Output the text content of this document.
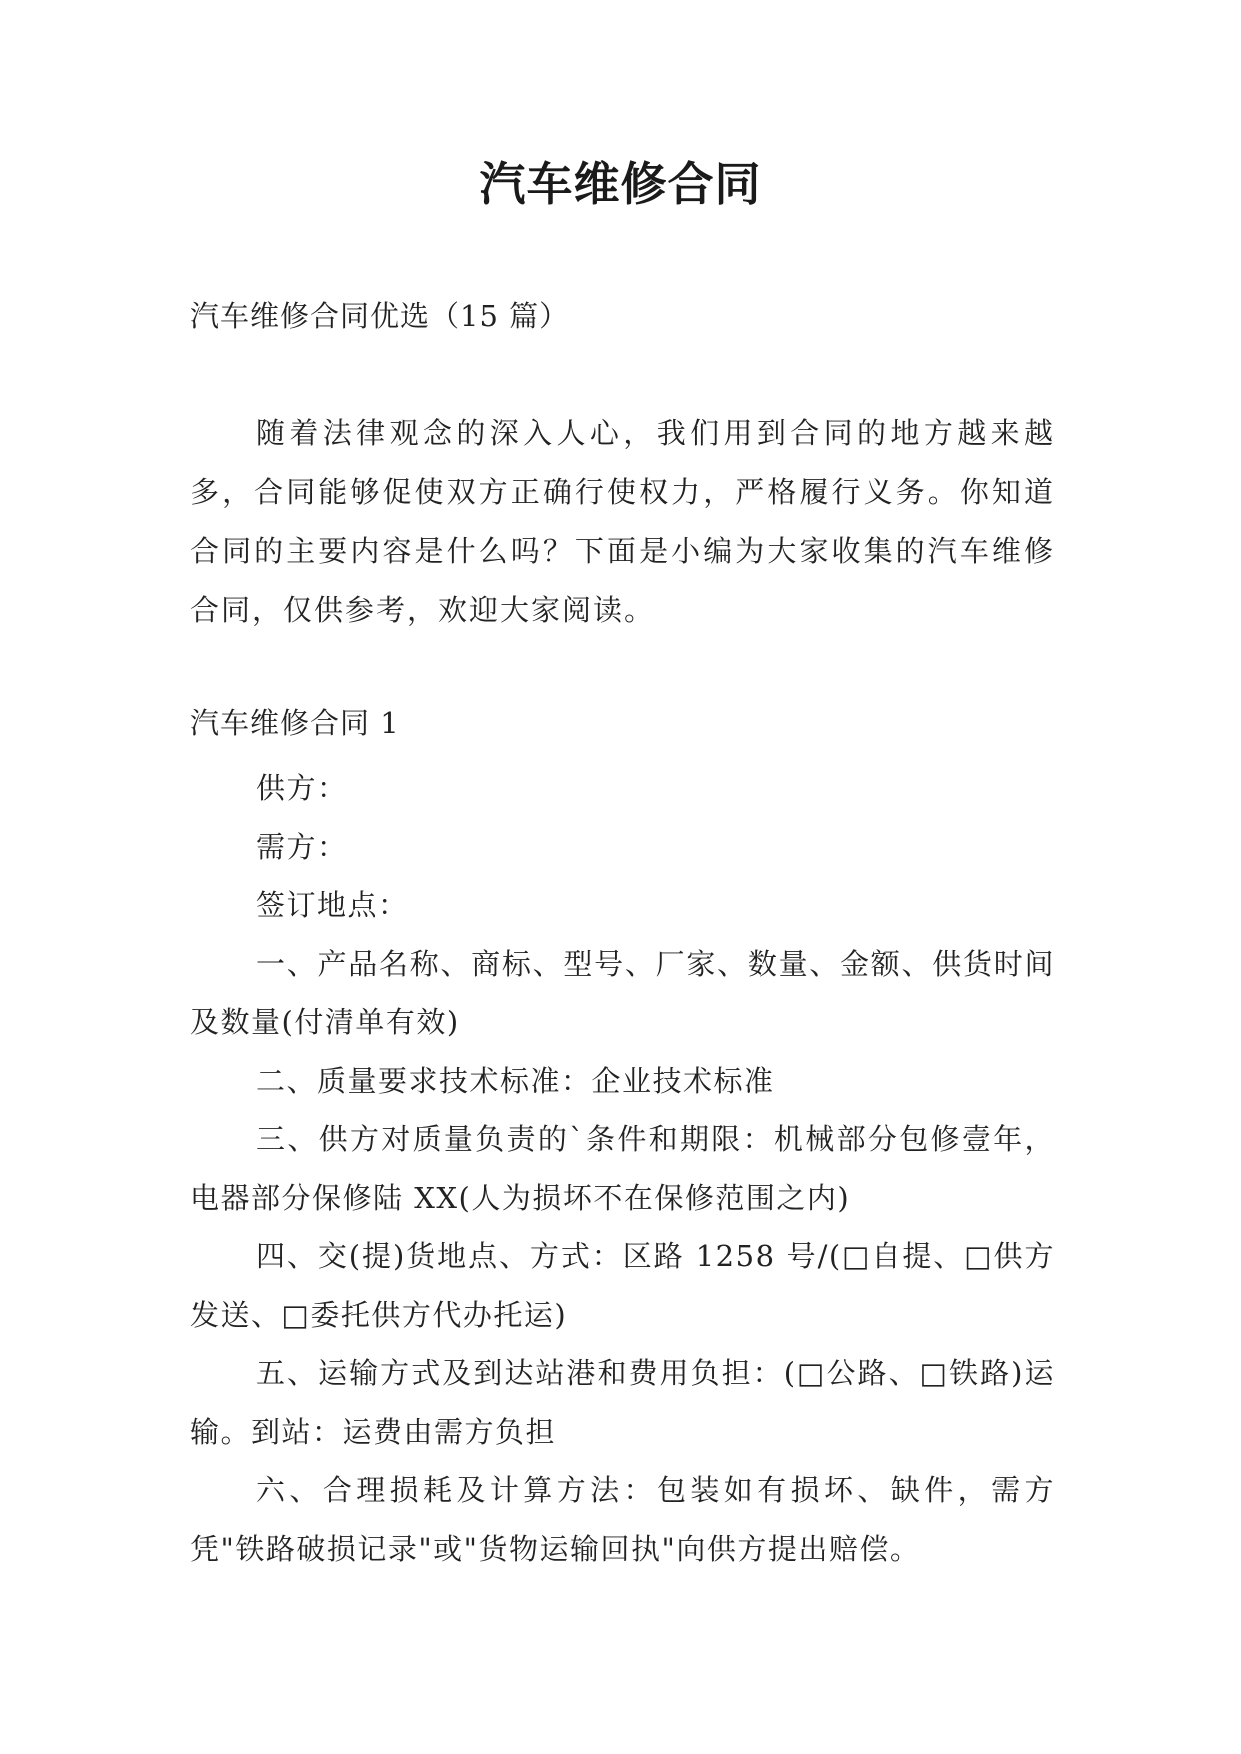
汽车维修合同
汽车维修合同优选（15 篇）

随着法律观念的深入人心，我们用到合同的地方越来越多，合同能够促使双方正确行使权力，严格履行义务。你知道合同的主要内容是什么吗？下面是小编为大家收集的汽车维修合同，仅供参考，欢迎大家阅读。

汽车维修合同 1

供方：

需方：

签订地点：

一、产品名称、商标、型号、厂家、数量、金额、供货时间及数量(付清单有效)

二、质量要求技术标准：企业技术标准

三、供方对质量负责的`条件和期限：机械部分包修壹年，电器部分保修陆 XX(人为损坏不在保修范围之内)

四、交(提)货地点、方式：区路 1258 号/(□自提、□供方发送、□委托供方代办托运)

五、运输方式及到达站港和费用负担：(□公路、□铁路)运输。到站：运费由需方负担

六、合理损耗及计算方法：包装如有损坏、缺件，需方凭"铁路破损记录"或"货物运输回执"向供方提出赔偿。
